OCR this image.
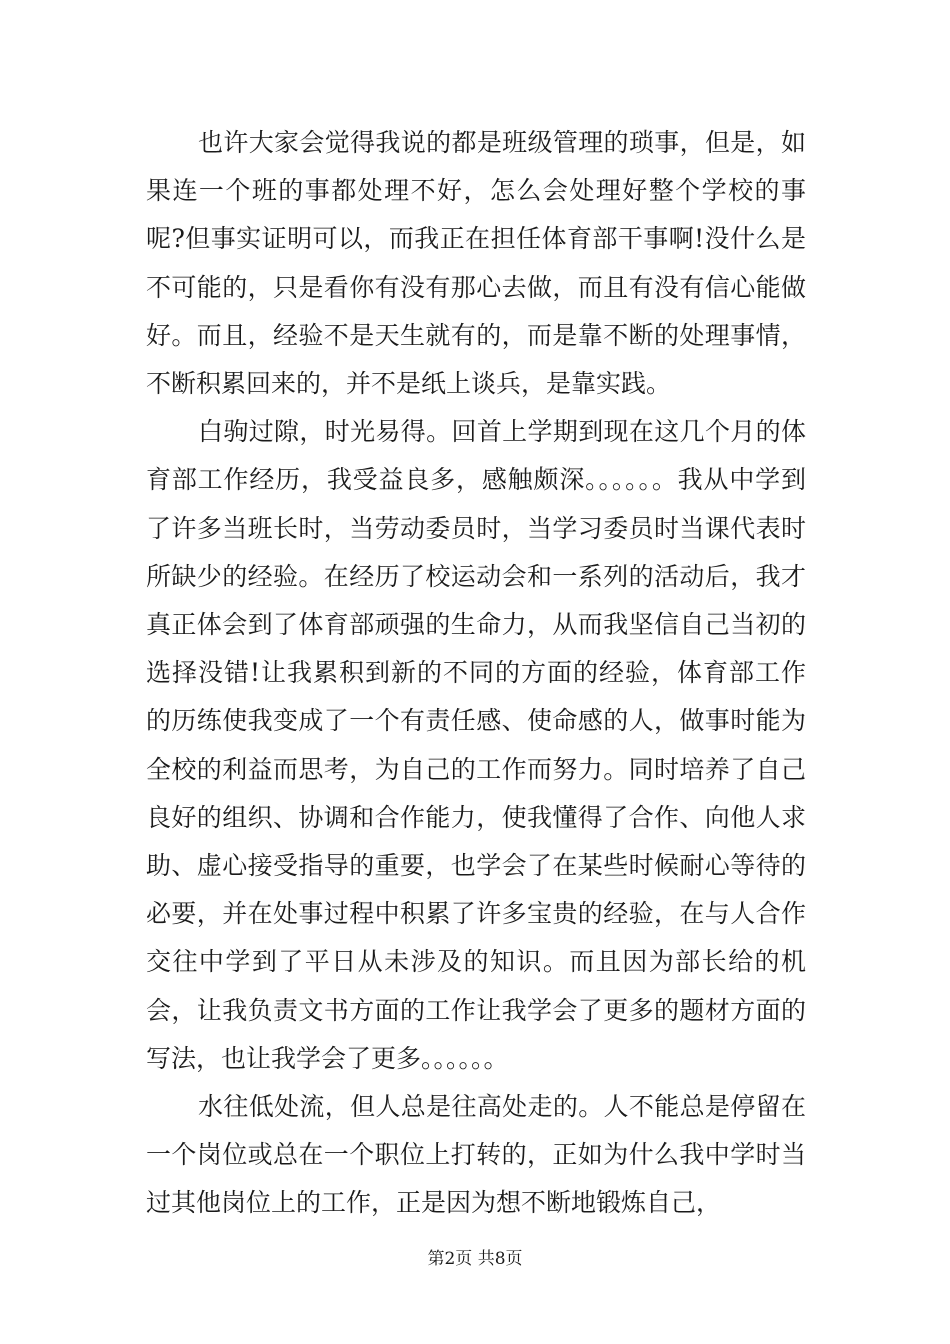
也许大家会觉得我说的都是班级管理的琐事，但是，如果连一个班的事都处理不好，怎么会处理好整个学校的事呢?但事实证明可以，而我正在担任体育部干事啊!没什么是不可能的，只是看你有没有那心去做，而且有没有信心能做好。而且，经验不是天生就有的，而是靠不断的处理事情，不断积累回来的，并不是纸上谈兵，是靠实践。

白驹过隙，时光易得。回首上学期到现在这几个月的体育部工作经历，我受益良多，感触颇深。。。。。。我从中学到了许多当班长时，当劳动委员时，当学习委员时当课代表时所缺少的经验。在经历了校运动会和一系列的活动后，我才真正体会到了体育部顽强的生命力，从而我坚信自己当初的选择没错!让我累积到新的不同的方面的经验，体育部工作的历练使我变成了一个有责任感、使命感的人，做事时能为全校的利益而思考，为自己的工作而努力。同时培养了自己良好的组织、协调和合作能力，使我懂得了合作、向他人求助、虚心接受指导的重要，也学会了在某些时候耐心等待的必要，并在处事过程中积累了许多宝贵的经验，在与人合作交往中学到了平日从未涉及的知识。而且因为部长给的机会，让我负责文书方面的工作让我学会了更多的题材方面的写法，也让我学会了更多。。。。。。

水往低处流，但人总是往高处走的。人不能总是停留在一个岗位或总在一个职位上打转的，正如为什么我中学时当过其他岗位上的工作，正是因为想不断地锻炼自己，

第2页 共8页
